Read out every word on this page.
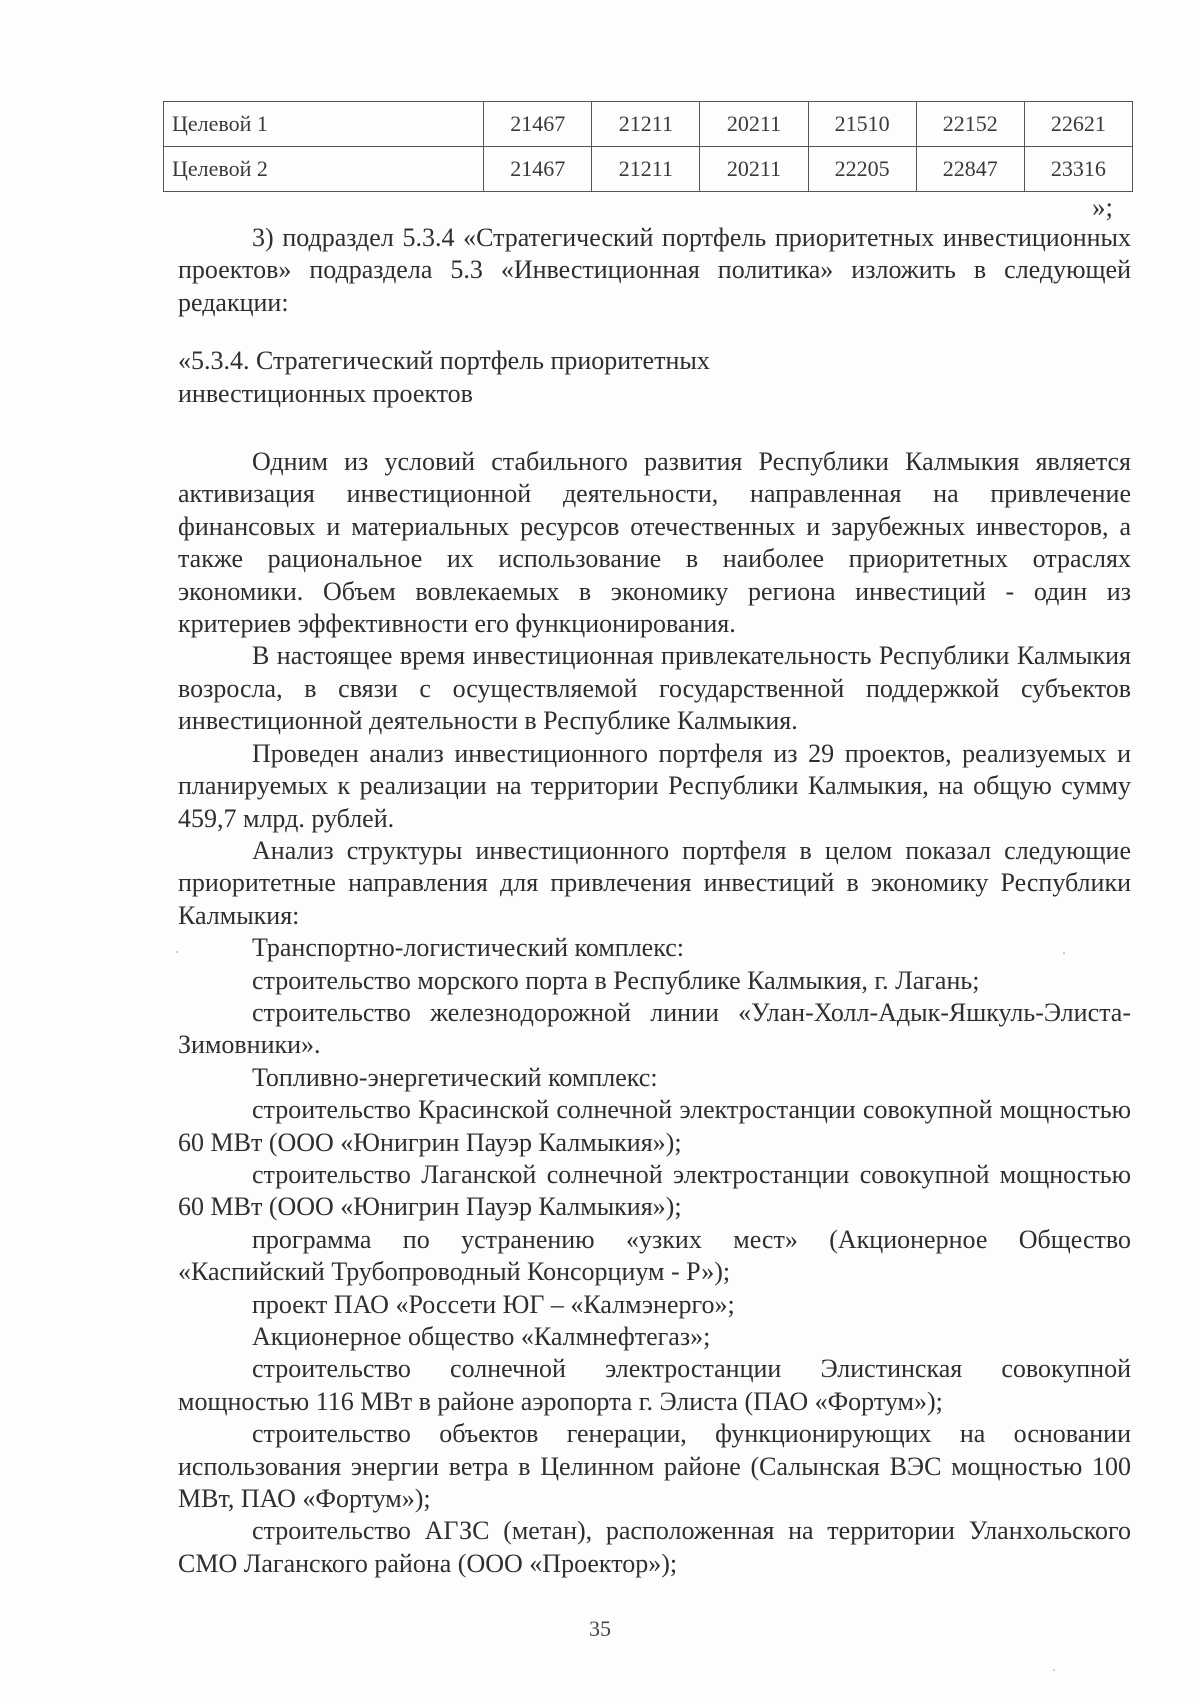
Целевой 1	21467	21211	20211	21510	22152	22621
Целевой 2	21467	21211	20211	22205	22847	23316
»;

3) подраздел 5.3.4 «Стратегический портфель приоритетных инвестиционных проектов» подраздела 5.3 «Инвестиционная политика» изложить в следующей редакции:

«5.3.4. Стратегический портфель приоритетных

инвестиционных проектов

Одним из условий стабильного развития Республики Калмыкия является активизация инвестиционной деятельности, направленная на привлечение финансовых и материальных ресурсов отечественных и зарубежных инвесторов, а также рациональное их использование в наиболее приоритетных отраслях экономики. Объем вовлекаемых в экономику региона инвестиций - один из критериев эффективности его функционирования.

В настоящее время инвестиционная привлекательность Республики Калмыкия возросла, в связи с осуществляемой государственной поддержкой субъектов инвестиционной деятельности в Республике Калмыкия.

Проведен анализ инвестиционного портфеля из 29 проектов, реализуемых и планируемых к реализации на территории Республики Калмыкия, на общую сумму 459,7 млрд. рублей.

Анализ структуры инвестиционного портфеля в целом показал следующие приоритетные направления для привлечения инвестиций в экономику Республики Калмыкия:

Транспортно-логистический комплекс:

строительство морского порта в Республике Калмыкия, г. Лагань;

строительство железнодорожной линии «Улан-Холл-Адык-Яшкуль-Элиста-Зимовники».

Топливно-энергетический комплекс:

строительство Красинской солнечной электростанции совокупной мощностью 60 МВт (ООО «Юнигрин Пауэр Калмыкия»);

строительство Лаганской солнечной электростанции совокупной мощностью 60 МВт (ООО «Юнигрин Пауэр Калмыкия»);

программа по устранению «узких мест» (Акционерное Общество «Каспийский Трубопроводный Консорциум - Р»);

проект ПАО «Россети ЮГ – «Калмэнерго»;

Акционерное общество «Калмнефтегаз»;

строительство солнечной электростанции Элистинская совокупной мощностью 116 МВт в районе аэропорта г. Элиста (ПАО «Фортум»);

строительство объектов генерации, функционирующих на основании использования энергии ветра в Целинном районе (Салынская ВЭС мощностью 100 МВт, ПАО «Фортум»);

строительство АГЗС (метан), расположенная на территории Уланхольского СМО Лаганского района (ООО «Проектор»);

35
